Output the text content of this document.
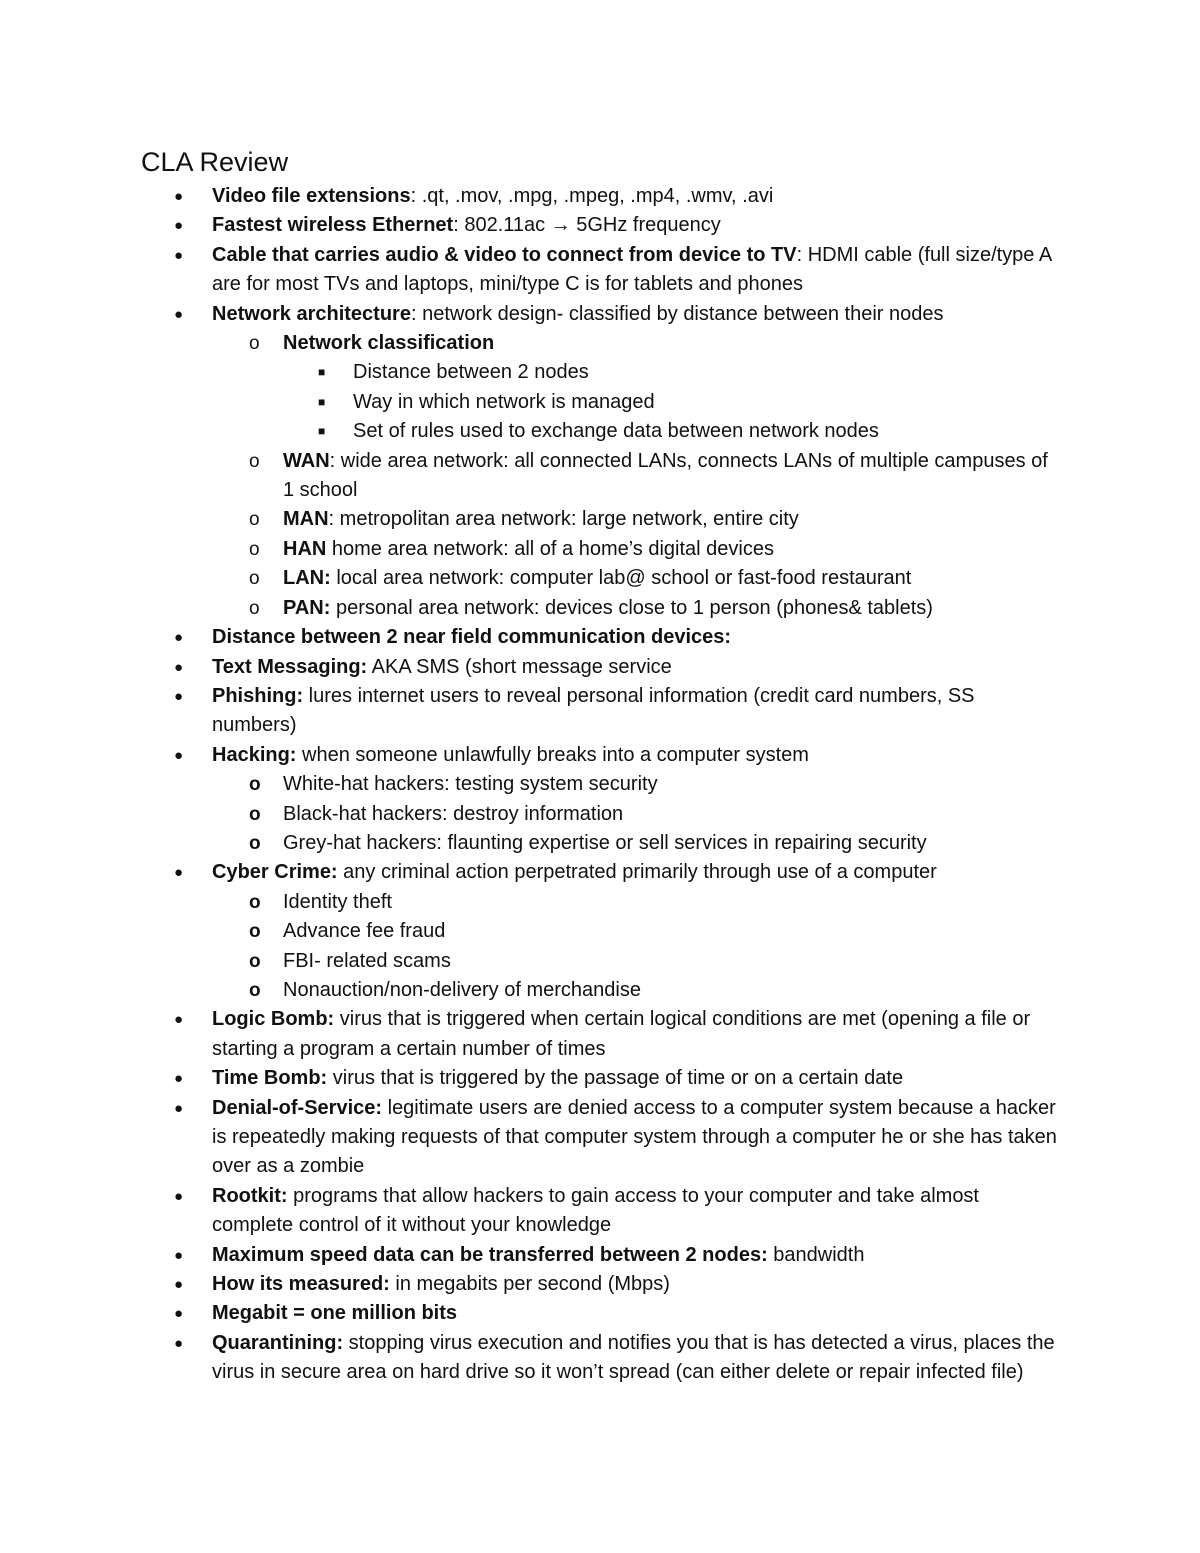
CLA Review
● Video file extensions: .qt, .mov, .mpg, .mpeg, .mp4, .wmv, .avi
● Fastest wireless Ethernet: 802.11ac → 5GHz frequency
● Cable that carries audio & video to connect from device to TV: HDMI cable (full size/type A are for most TVs and laptops, mini/type C is for tablets and phones
● Network architecture: network design- classified by distance between their nodes
o Network classification
■ Distance between 2 nodes
■ Way in which network is managed
■ Set of rules used to exchange data between network nodes
o WAN: wide area network: all connected LANs, connects LANs of multiple campuses of 1 school
o MAN: metropolitan area network: large network, entire city
o HAN home area network: all of a home’s digital devices
o LAN: local area network: computer lab@ school or fast-food restaurant
o PAN: personal area network: devices close to 1 person (phones& tablets)
● Distance between 2 near field communication devices:
● Text Messaging: AKA SMS (short message service
● Phishing: lures internet users to reveal personal information (credit card numbers, SS numbers)
● Hacking: when someone unlawfully breaks into a computer system
o White-hat hackers: testing system security
o Black-hat hackers: destroy information
o Grey-hat hackers: flaunting expertise or sell services in repairing security
● Cyber Crime: any criminal action perpetrated primarily through use of a computer
o Identity theft
o Advance fee fraud
o FBI- related scams
o Nonauction/non-delivery of merchandise
● Logic Bomb: virus that is triggered when certain logical conditions are met (opening a file or starting a program a certain number of times
● Time Bomb: virus that is triggered by the passage of time or on a certain date
● Denial-of-Service: legitimate users are denied access to a computer system because a hacker is repeatedly making requests of that computer system through a computer he or she has taken over as a zombie
● Rootkit: programs that allow hackers to gain access to your computer and take almost complete control of it without your knowledge
● Maximum speed data can be transferred between 2 nodes: bandwidth
● How its measured: in megabits per second (Mbps)
● Megabit = one million bits
● Quarantining: stopping virus execution and notifies you that is has detected a virus, places the virus in secure area on hard drive so it won’t spread (can either delete or repair infected file)
